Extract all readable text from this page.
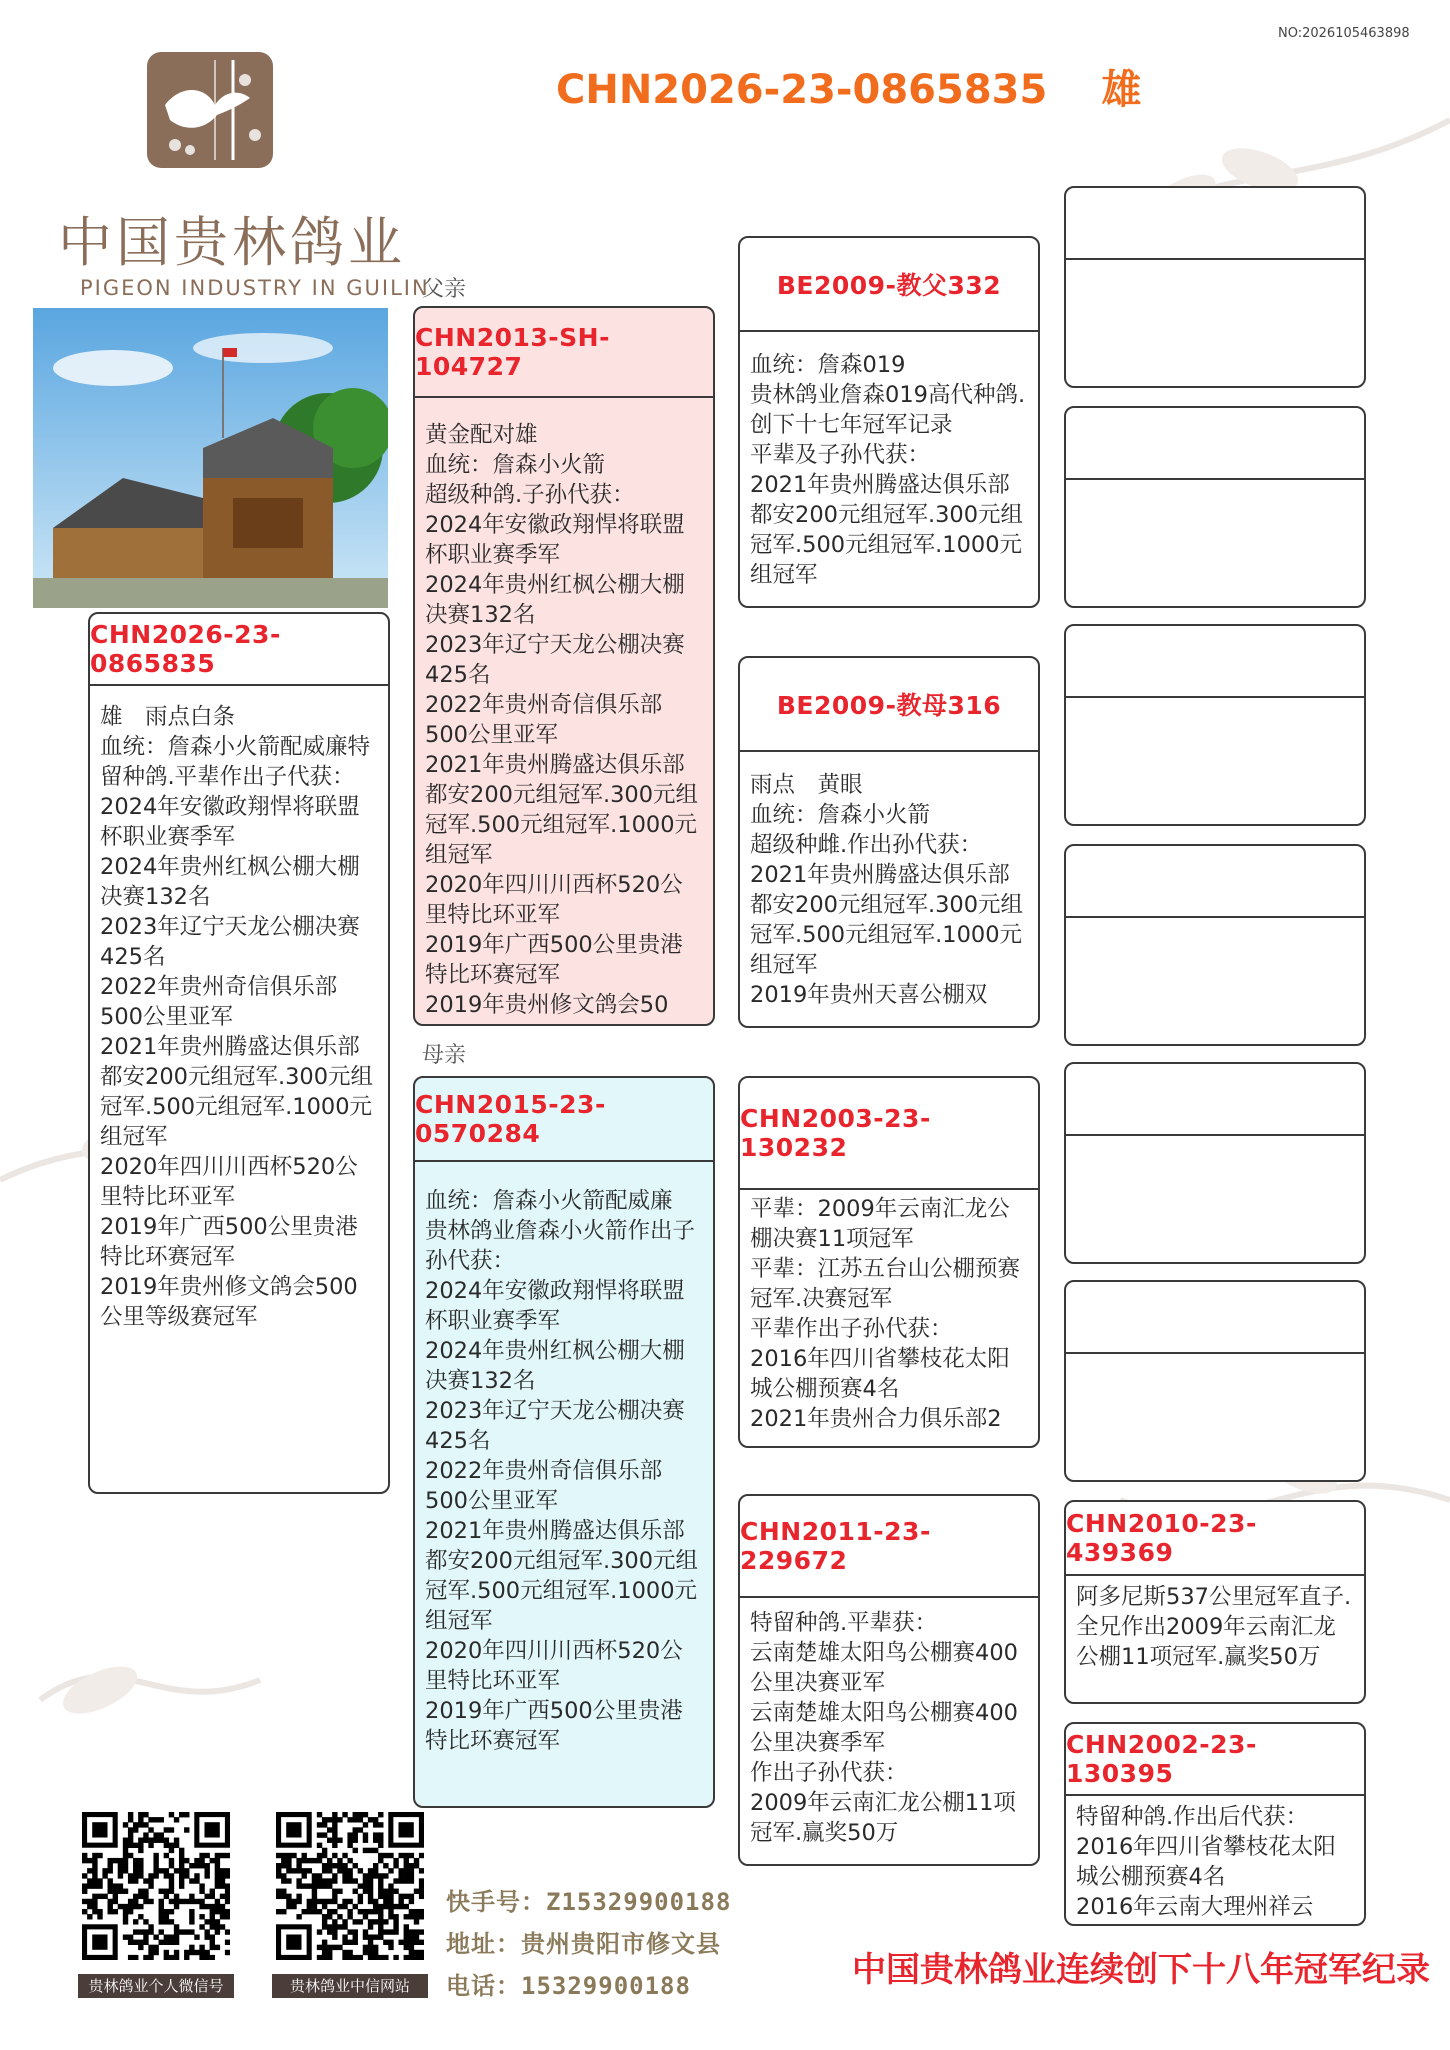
NO:2026105463898
CHN2026-23-0865835 雄
中国贵林鸽业
PIGEON INDUSTRY IN GUILIN
父亲
母亲
CHN2026-23-0865835
雄　雨点白条
血统：詹森小火箭配威廉特留种鸽.平辈作出子代获：
2024年安徽政翔悍将联盟杯职业赛季军
2024年贵州红枫公棚大棚决赛132名
2023年辽宁天龙公棚决赛425名
2022年贵州奇信俱乐部500公里亚军
2021年贵州腾盛达俱乐部都安200元组冠军.300元组冠军.500元组冠军.1000元组冠军
2020年四川川西杯520公里特比环亚军
2019年广西500公里贵港特比环赛冠军
2019年贵州修文鸽会500公里等级赛冠军
CHN2013-SH-104727
黄金配对雄
血统：詹森小火箭
超级种鸽.子孙代获：
2024年安徽政翔悍将联盟杯职业赛季军
2024年贵州红枫公棚大棚决赛132名
2023年辽宁天龙公棚决赛425名
2022年贵州奇信俱乐部500公里亚军
2021年贵州腾盛达俱乐部都安200元组冠军.300元组冠军.500元组冠军.1000元组冠军
2020年四川川西杯520公里特比环亚军
2019年广西500公里贵港特比环赛冠军
2019年贵州修文鸽会50
CHN2015-23-0570284
血统：詹森小火箭配威廉
贵林鸽业詹森小火箭作出子孙代获：
2024年安徽政翔悍将联盟杯职业赛季军
2024年贵州红枫公棚大棚决赛132名
2023年辽宁天龙公棚决赛425名
2022年贵州奇信俱乐部500公里亚军
2021年贵州腾盛达俱乐部都安200元组冠军.300元组冠军.500元组冠军.1000元组冠军
2020年四川川西杯520公里特比环亚军
2019年广西500公里贵港特比环赛冠军
BE2009-教父332
血统：詹森019
贵林鸽业詹森019高代种鸽.创下十七年冠军记录
平辈及子孙代获：
2021年贵州腾盛达俱乐部都安200元组冠军.300元组冠军.500元组冠军.1000元组冠军
BE2009-教母316
雨点　黄眼
血统：詹森小火箭
超级种雌.作出孙代获：
2021年贵州腾盛达俱乐部都安200元组冠军.300元组冠军.500元组冠军.1000元组冠军
2019年贵州天喜公棚双
CHN2003-23-130232
平辈：2009年云南汇龙公棚决赛11项冠军
平辈：江苏五台山公棚预赛冠军.决赛冠军
平辈作出子孙代获：
2016年四川省攀枝花太阳城公棚预赛4名
2021年贵州合力俱乐部2
CHN2011-23-229672
特留种鸽.平辈获：
云南楚雄太阳鸟公棚赛400公里决赛亚军
云南楚雄太阳鸟公棚赛400公里决赛季军
作出子孙代获：
2009年云南汇龙公棚11项冠军.赢奖50万
CHN2010-23-439369
阿多尼斯537公里冠军直子.全兄作出2009年云南汇龙公棚11项冠军.赢奖50万
CHN2002-23-130395
特留种鸽.作出后代获：
2016年四川省攀枝花太阳城公棚预赛4名
2016年云南大理州祥云
贵林鸽业个人微信号	贵林鸽业中信网站
快手号：Z15329900188
地址：贵州贵阳市修文县
电话：15329900188	中国贵林鸽业连续创下十八年冠军纪录
